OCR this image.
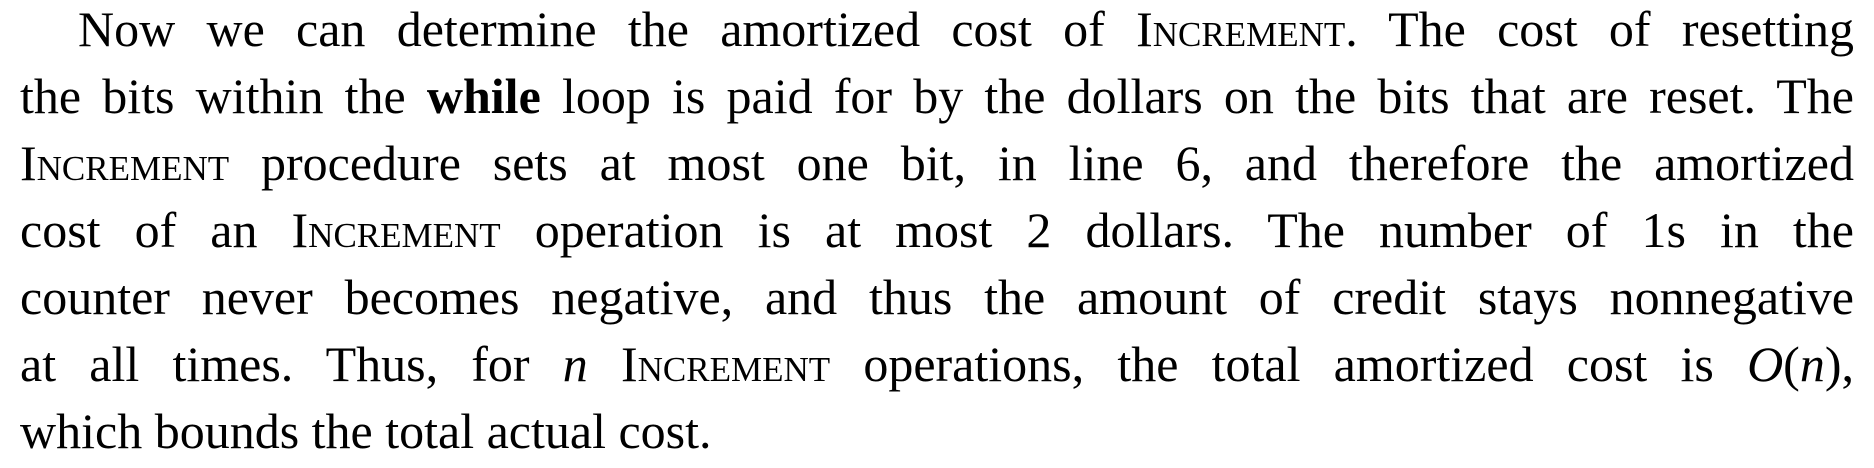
Now we can determine the amortized cost of Increment. The cost of resetting
the bits within the while loop is paid for by the dollars on the bits that are reset. The
Increment procedure sets at most one bit, in line 6, and therefore the amortized
cost of an Increment operation is at most 2 dollars. The number of 1s in the
counter never becomes negative, and thus the amount of credit stays nonnegative
at all times. Thus, for n Increment operations, the total amortized cost is O(n),
which bounds the total actual cost.
